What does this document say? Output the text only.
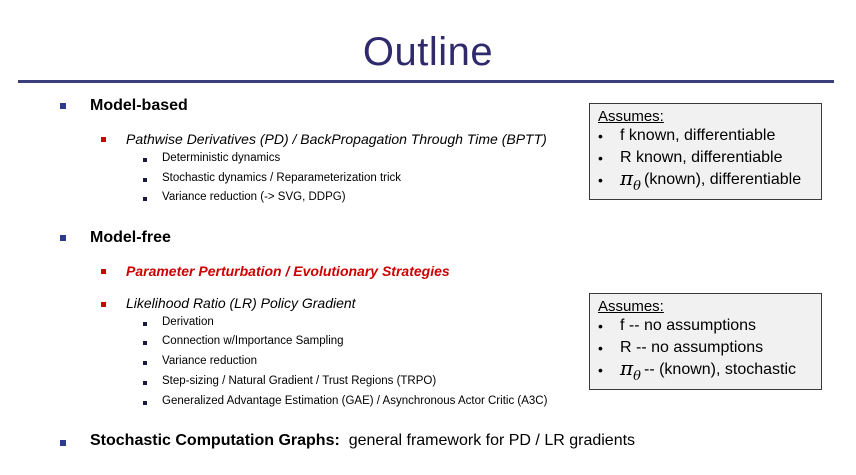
Outline
Model-based
Pathwise Derivatives (PD) / BackPropagation Through Time (BPTT)
Deterministic dynamics
Stochastic dynamics / Reparameterization trick
Variance reduction (-> SVG, DDPG)
Model-free
Parameter Perturbation / Evolutionary Strategies
Likelihood Ratio (LR) Policy Gradient
Derivation
Connection w/Importance Sampling
Variance reduction
Step-sizing / Natural Gradient / Trust Regions (TRPO)
Generalized Advantage Estimation (GAE) / Asynchronous Actor Critic (A3C)
Stochastic Computation Graphs: general framework for PD / LR gradients
Assumes:
•	f known, differentiable
•	R known, differentiable
• $\pi_\theta$ (known), differentiable
Assumes:
•	f -- no assumptions
•	R -- no assumptions
• $\pi_\theta$ -- (known), stochastic
